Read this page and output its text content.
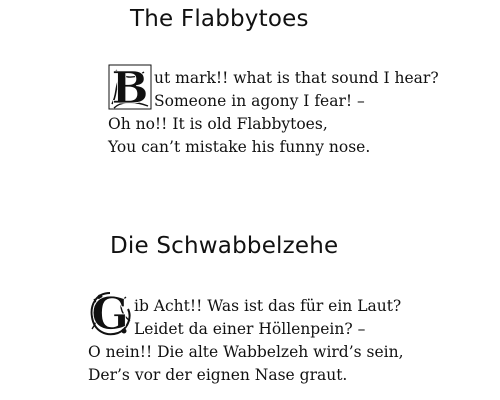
The Flabbytoes
B ut mark!! what is that sound I hear?
Someone in agony I fear! –
Oh no!! It is old Flabbytoes,
You can’t mistake his funny nose.
Die Schwabbelzehe
G ib Acht!! Was ist das für ein Laut?
Leidet da einer Höllenpein? –
O nein!! Die alte Wabbelzeh wird’s sein,
Der’s vor der eignen Nase graut.
